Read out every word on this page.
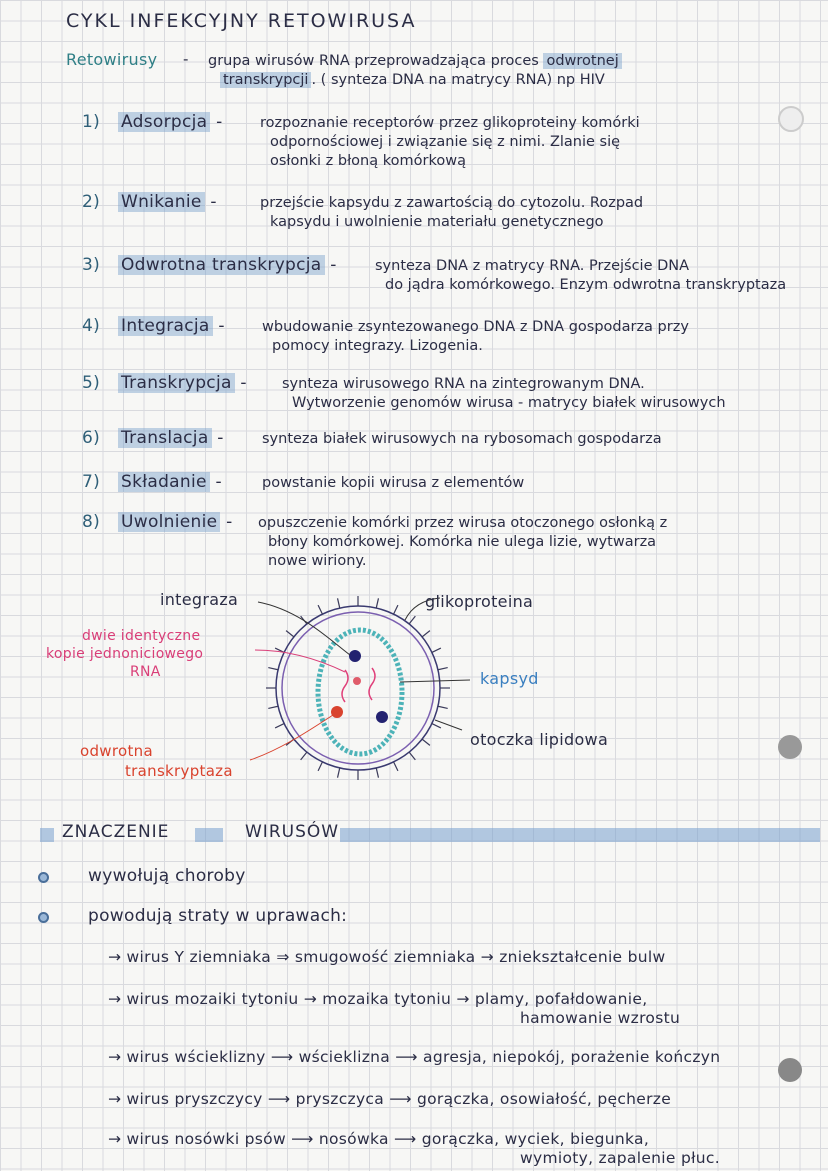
CYKL INFEKCYJNY RETOWIRUSA
Retowirusy - grupa wirusów RNA przeprowadzająca proces odwrotnej
transkrypcji . ( synteza DNA na matrycy RNA) np HIV
1) Adsorpcja -	rozpoznanie receptorów przez glikoproteiny komórki
odpornościowej i związanie się z nimi. Zlanie się
osłonki z błoną komórkową
2) Wnikanie -	przejście kapsydu z zawartością do cytozolu. Rozpad
kapsydu i uwolnienie materiału genetycznego
3) Odwrotna transkrypcja -	synteza DNA z matrycy RNA. Przejście DNA
do jądra komórkowego. Enzym odwrotna transkryptaza
4) Integracja -	wbudowanie zsyntezowanego DNA z DNA gospodarza przy
pomocy integrazy. Lizogenia.
5) Transkrypcja - synteza wirusowego RNA na zintegrowanym DNA.
Wytworzenie genomów wirusa - matrycy białek wirusowych
6) Translacja -	synteza białek wirusowych na rybosomach gospodarza
7) Składanie -	powstanie kopii wirusa z elementów
8) Uwolnienie - opuszczenie komórki przez wirusa otoczonego osłonką z
błony komórkowej. Komórka nie ulega lizie, wytwarza
nowe wiriony.
integraza	glikoproteina
dwie identyczne
kopie jednoniciowego
RNA	kapsyd
otoczka lipidowa
odwrotna
transkryptaza
ZNACZENIE	WIRUSÓW
wywołują choroby
powodują straty w uprawach:
→ wirus Y ziemniaka ⇒ smugowość ziemniaka → zniekształcenie bulw
→ wirus mozaiki tytoniu → mozaika tytoniu → plamy, pofałdowanie,
hamowanie wzrostu
→ wirus wścieklizny ⟶ wścieklizna ⟶ agresja, niepokój, porażenie kończyn
→ wirus pryszczycy ⟶ pryszczyca ⟶ gorączka, osowiałość, pęcherze
→ wirus nosówki psów ⟶ nosówka ⟶ gorączka, wyciek, biegunka,
wymioty, zapalenie płuc.
